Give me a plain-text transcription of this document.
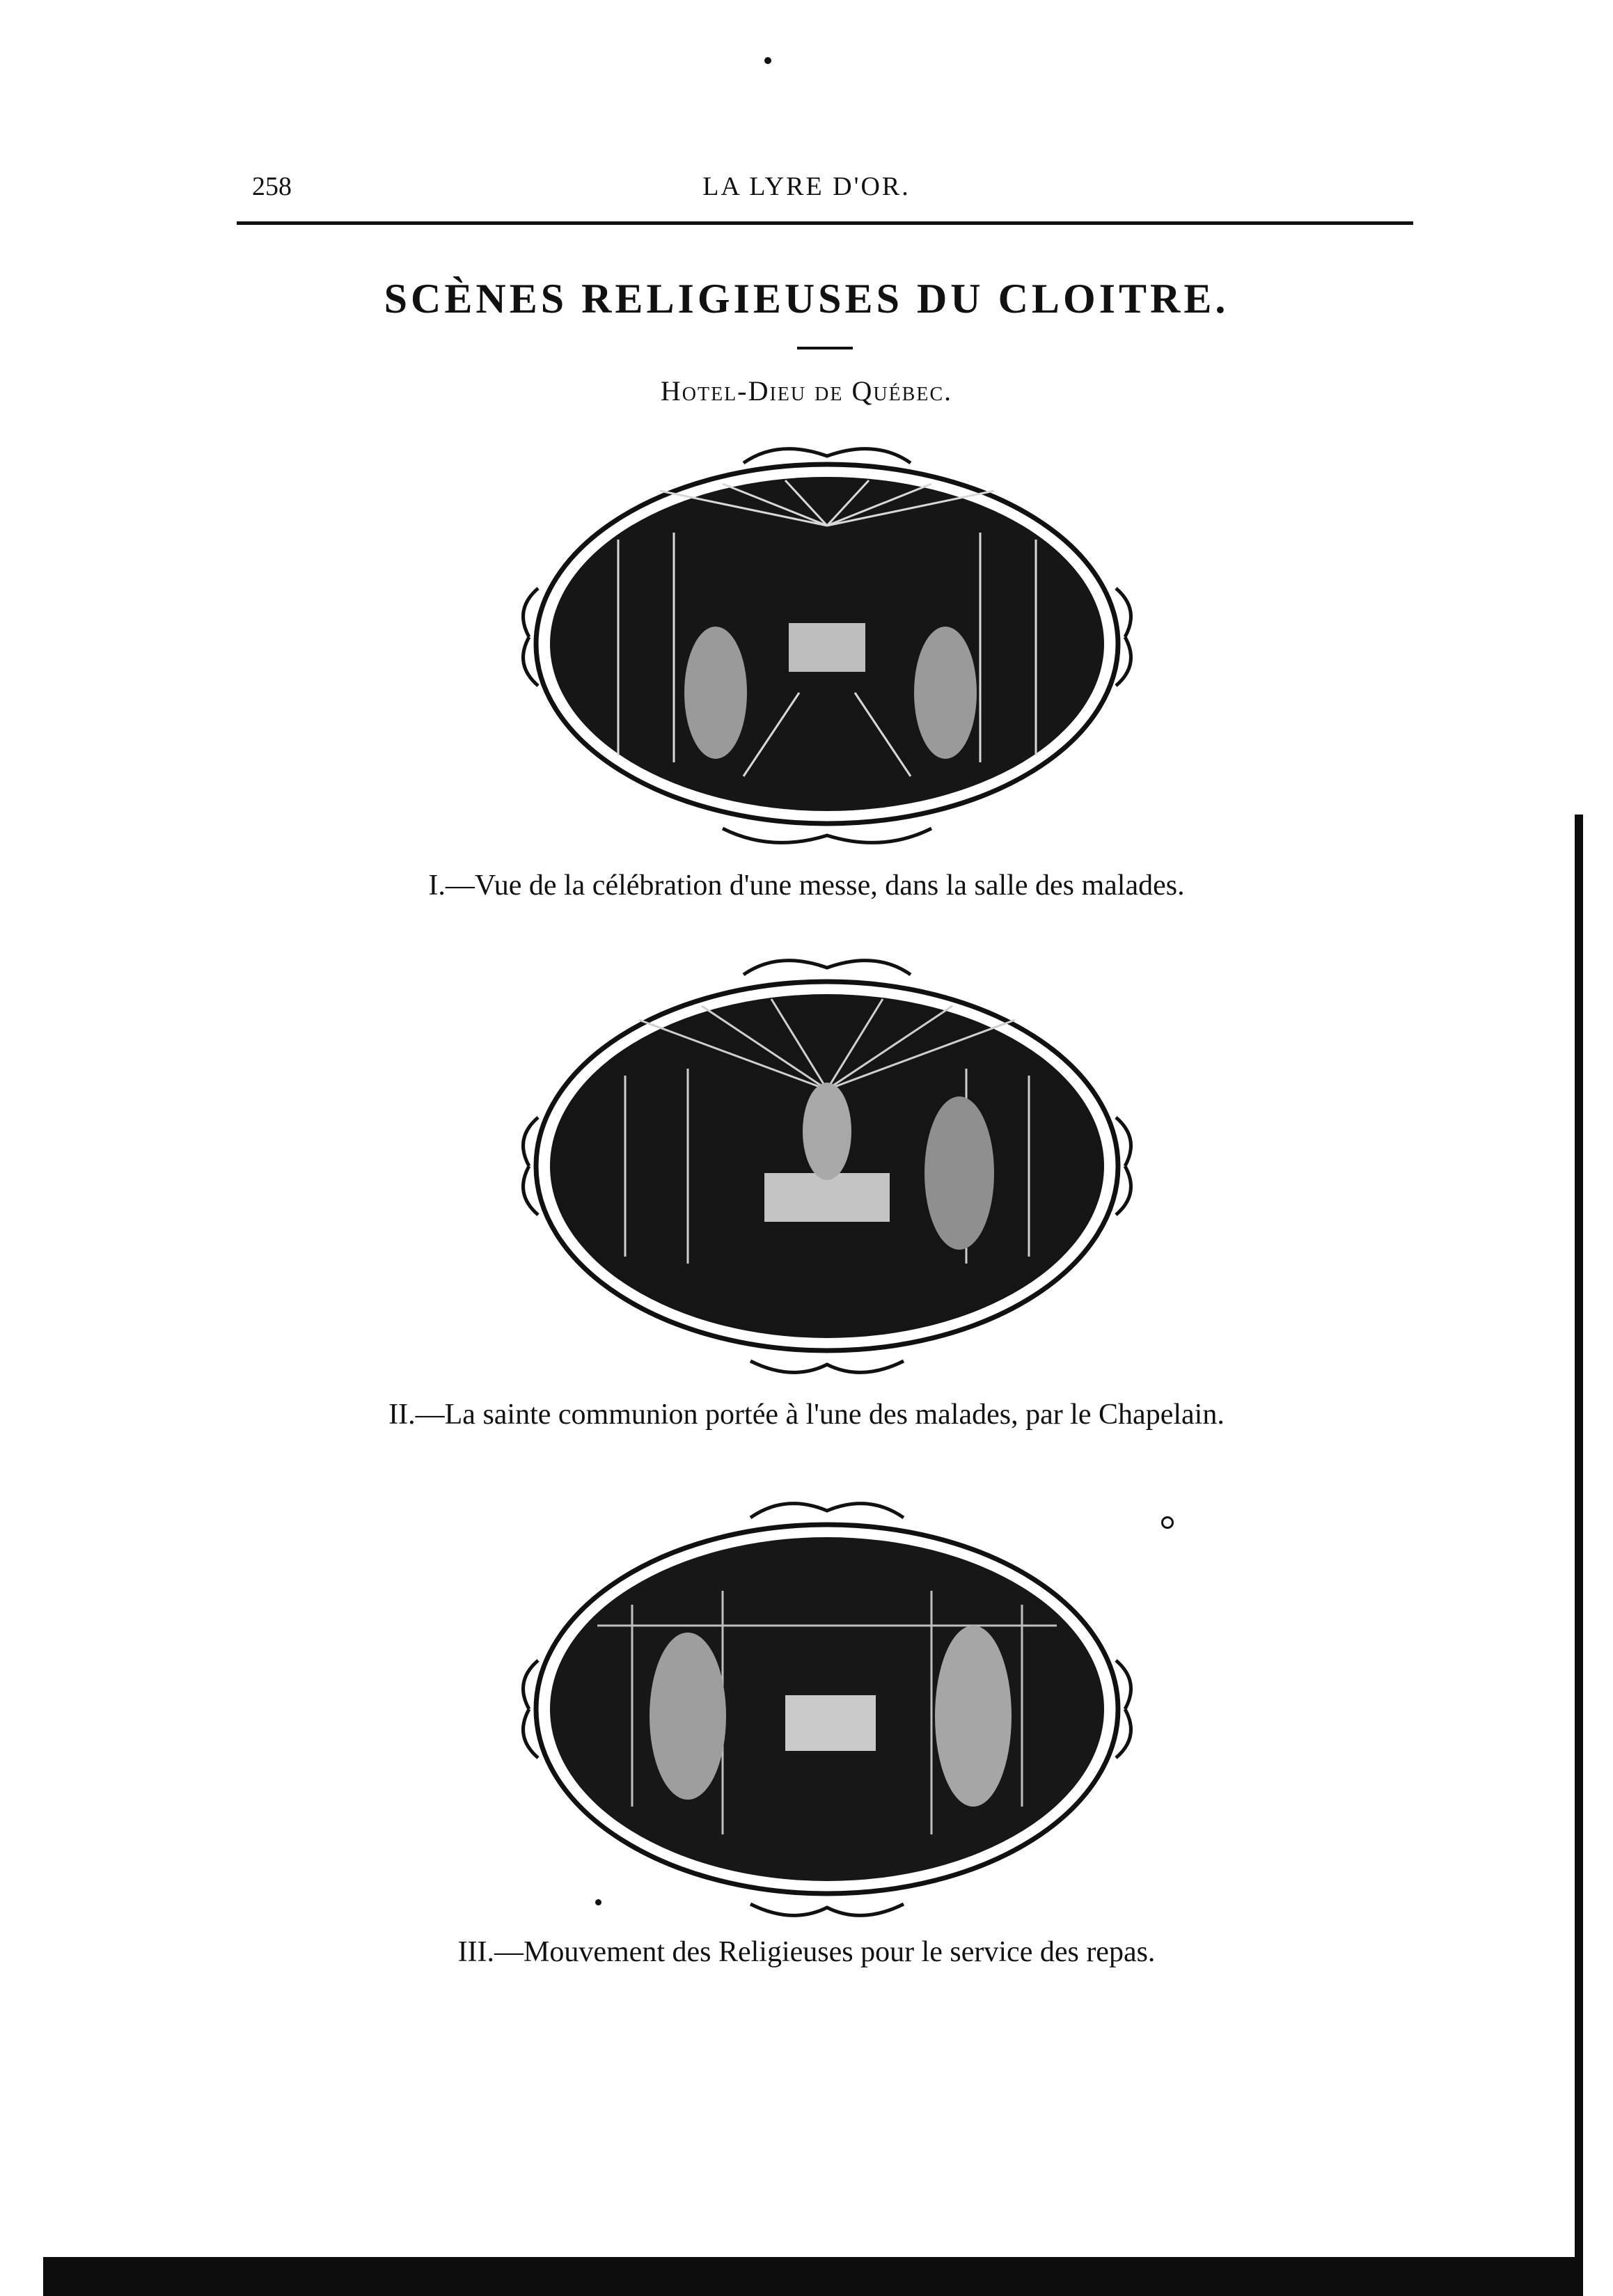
258	LA LYRE D'OR.
SCÈNES RELIGIEUSES DU CLOITRE.
Hotel-Dieu de Québec.
I.—Vue de la célébration d'une messe, dans la salle des malades.
II.—La sainte communion portée à l'une des malades, par le Chapelain.
III.—Mouvement des Religieuses pour le service des repas.
